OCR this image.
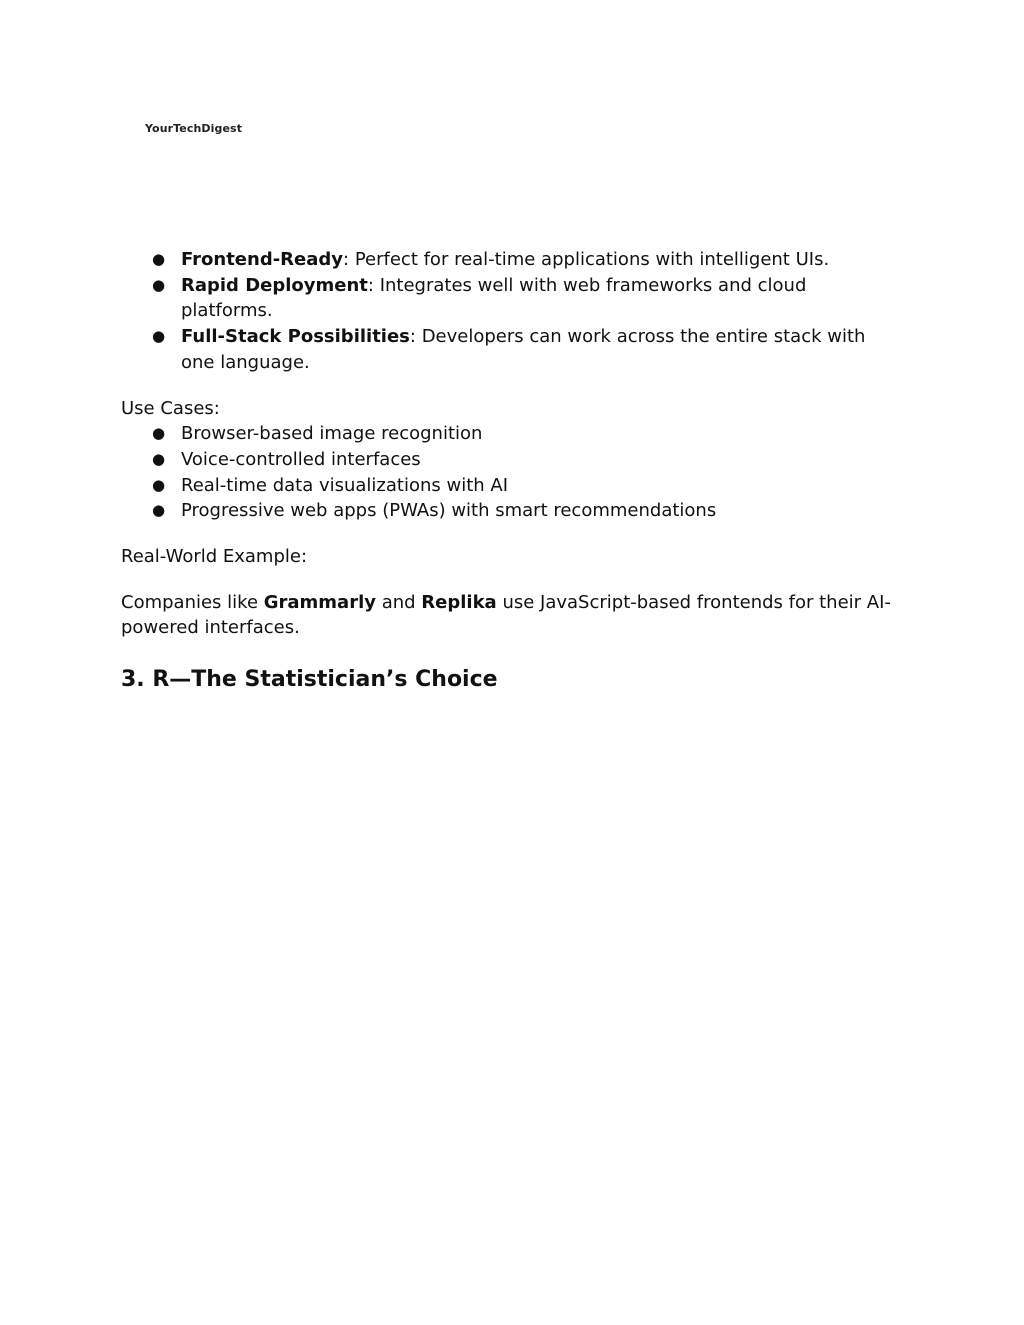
YourTechDigest
● Frontend-Ready: Perfect for real-time applications with intelligent UIs.
● Rapid Deployment: Integrates well with web frameworks and cloud platforms.
● Full-Stack Possibilities: Developers can work across the entire stack with one language.

Use Cases:

● Browser-based image recognition
● Voice-controlled interfaces
● Real-time data visualizations with AI
● Progressive web apps (PWAs) with smart recommendations

Real-World Example:

Companies like Grammarly and Replika use JavaScript-based frontends for their AI-powered interfaces.

3. R—The Statistician’s Choice
